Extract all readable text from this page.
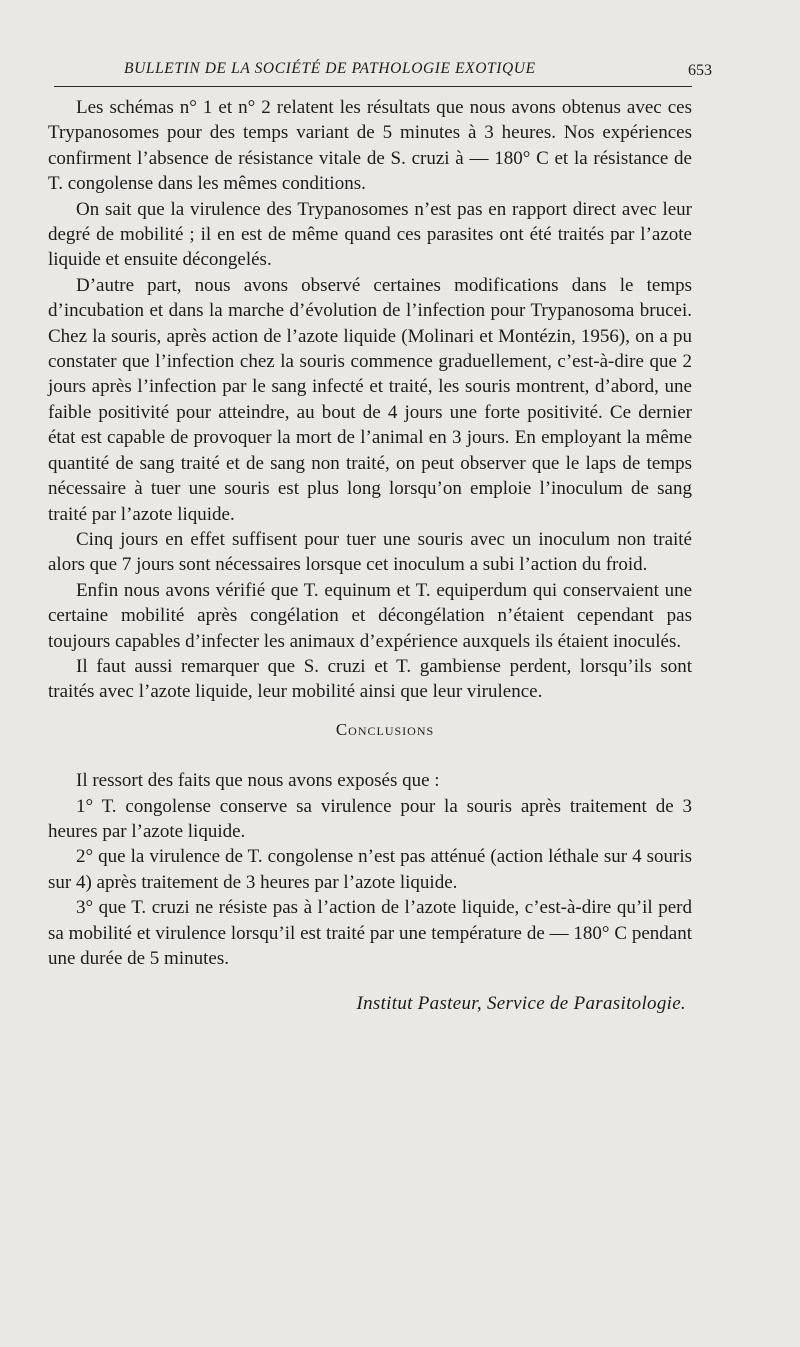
BULLETIN DE LA SOCIÉTÉ DE PATHOLOGIE EXOTIQUE	653

Les schémas n° 1 et n° 2 relatent les résultats que nous avons obtenus avec ces Trypanosomes pour des temps variant de 5 minutes à 3 heures. Nos expériences confirment l’absence de résistance vitale de S. cruzi à — 180° C et la résistance de T. congolense dans les mêmes conditions.

On sait que la virulence des Trypanosomes n’est pas en rapport direct avec leur degré de mobilité ; il en est de même quand ces parasites ont été traités par l’azote liquide et ensuite décongelés.

D’autre part, nous avons observé certaines modifications dans le temps d’incubation et dans la marche d’évolution de l’infection pour Trypanosoma brucei. Chez la souris, après action de l’azote liquide (Molinari et Montézin, 1956), on a pu constater que l’infection chez la souris commence graduellement, c’est-à-dire que 2 jours après l’infection par le sang infecté et traité, les souris montrent, d’abord, une faible positivité pour atteindre, au bout de 4 jours une forte positivité. Ce dernier état est capable de provoquer la mort de l’animal en 3 jours. En employant la même quantité de sang traité et de sang non traité, on peut observer que le laps de temps nécessaire à tuer une souris est plus long lorsqu’on emploie l’inoculum de sang traité par l’azote liquide.

Cinq jours en effet suffisent pour tuer une souris avec un inoculum non traité alors que 7 jours sont nécessaires lorsque cet inoculum a subi l’action du froid.

Enfin nous avons vérifié que T. equinum et T. equiperdum qui conservaient une certaine mobilité après congélation et décongélation n’étaient cependant pas toujours capables d’infecter les animaux d’expérience auxquels ils étaient inoculés.

Il faut aussi remarquer que S. cruzi et T. gambiense perdent, lorsqu’ils sont traités avec l’azote liquide, leur mobilité ainsi que leur virulence.

Conclusions

Il ressort des faits que nous avons exposés que :

1° T. congolense conserve sa virulence pour la souris après traitement de 3 heures par l’azote liquide.

2° que la virulence de T. congolense n’est pas atténué (action léthale sur 4 souris sur 4) après traitement de 3 heures par l’azote liquide.

3° que T. cruzi ne résiste pas à l’action de l’azote liquide, c’est-à-dire qu’il perd sa mobilité et virulence lorsqu’il est traité par une température de — 180° C pendant une durée de 5 minutes.

Institut Pasteur, Service de Parasitologie.
